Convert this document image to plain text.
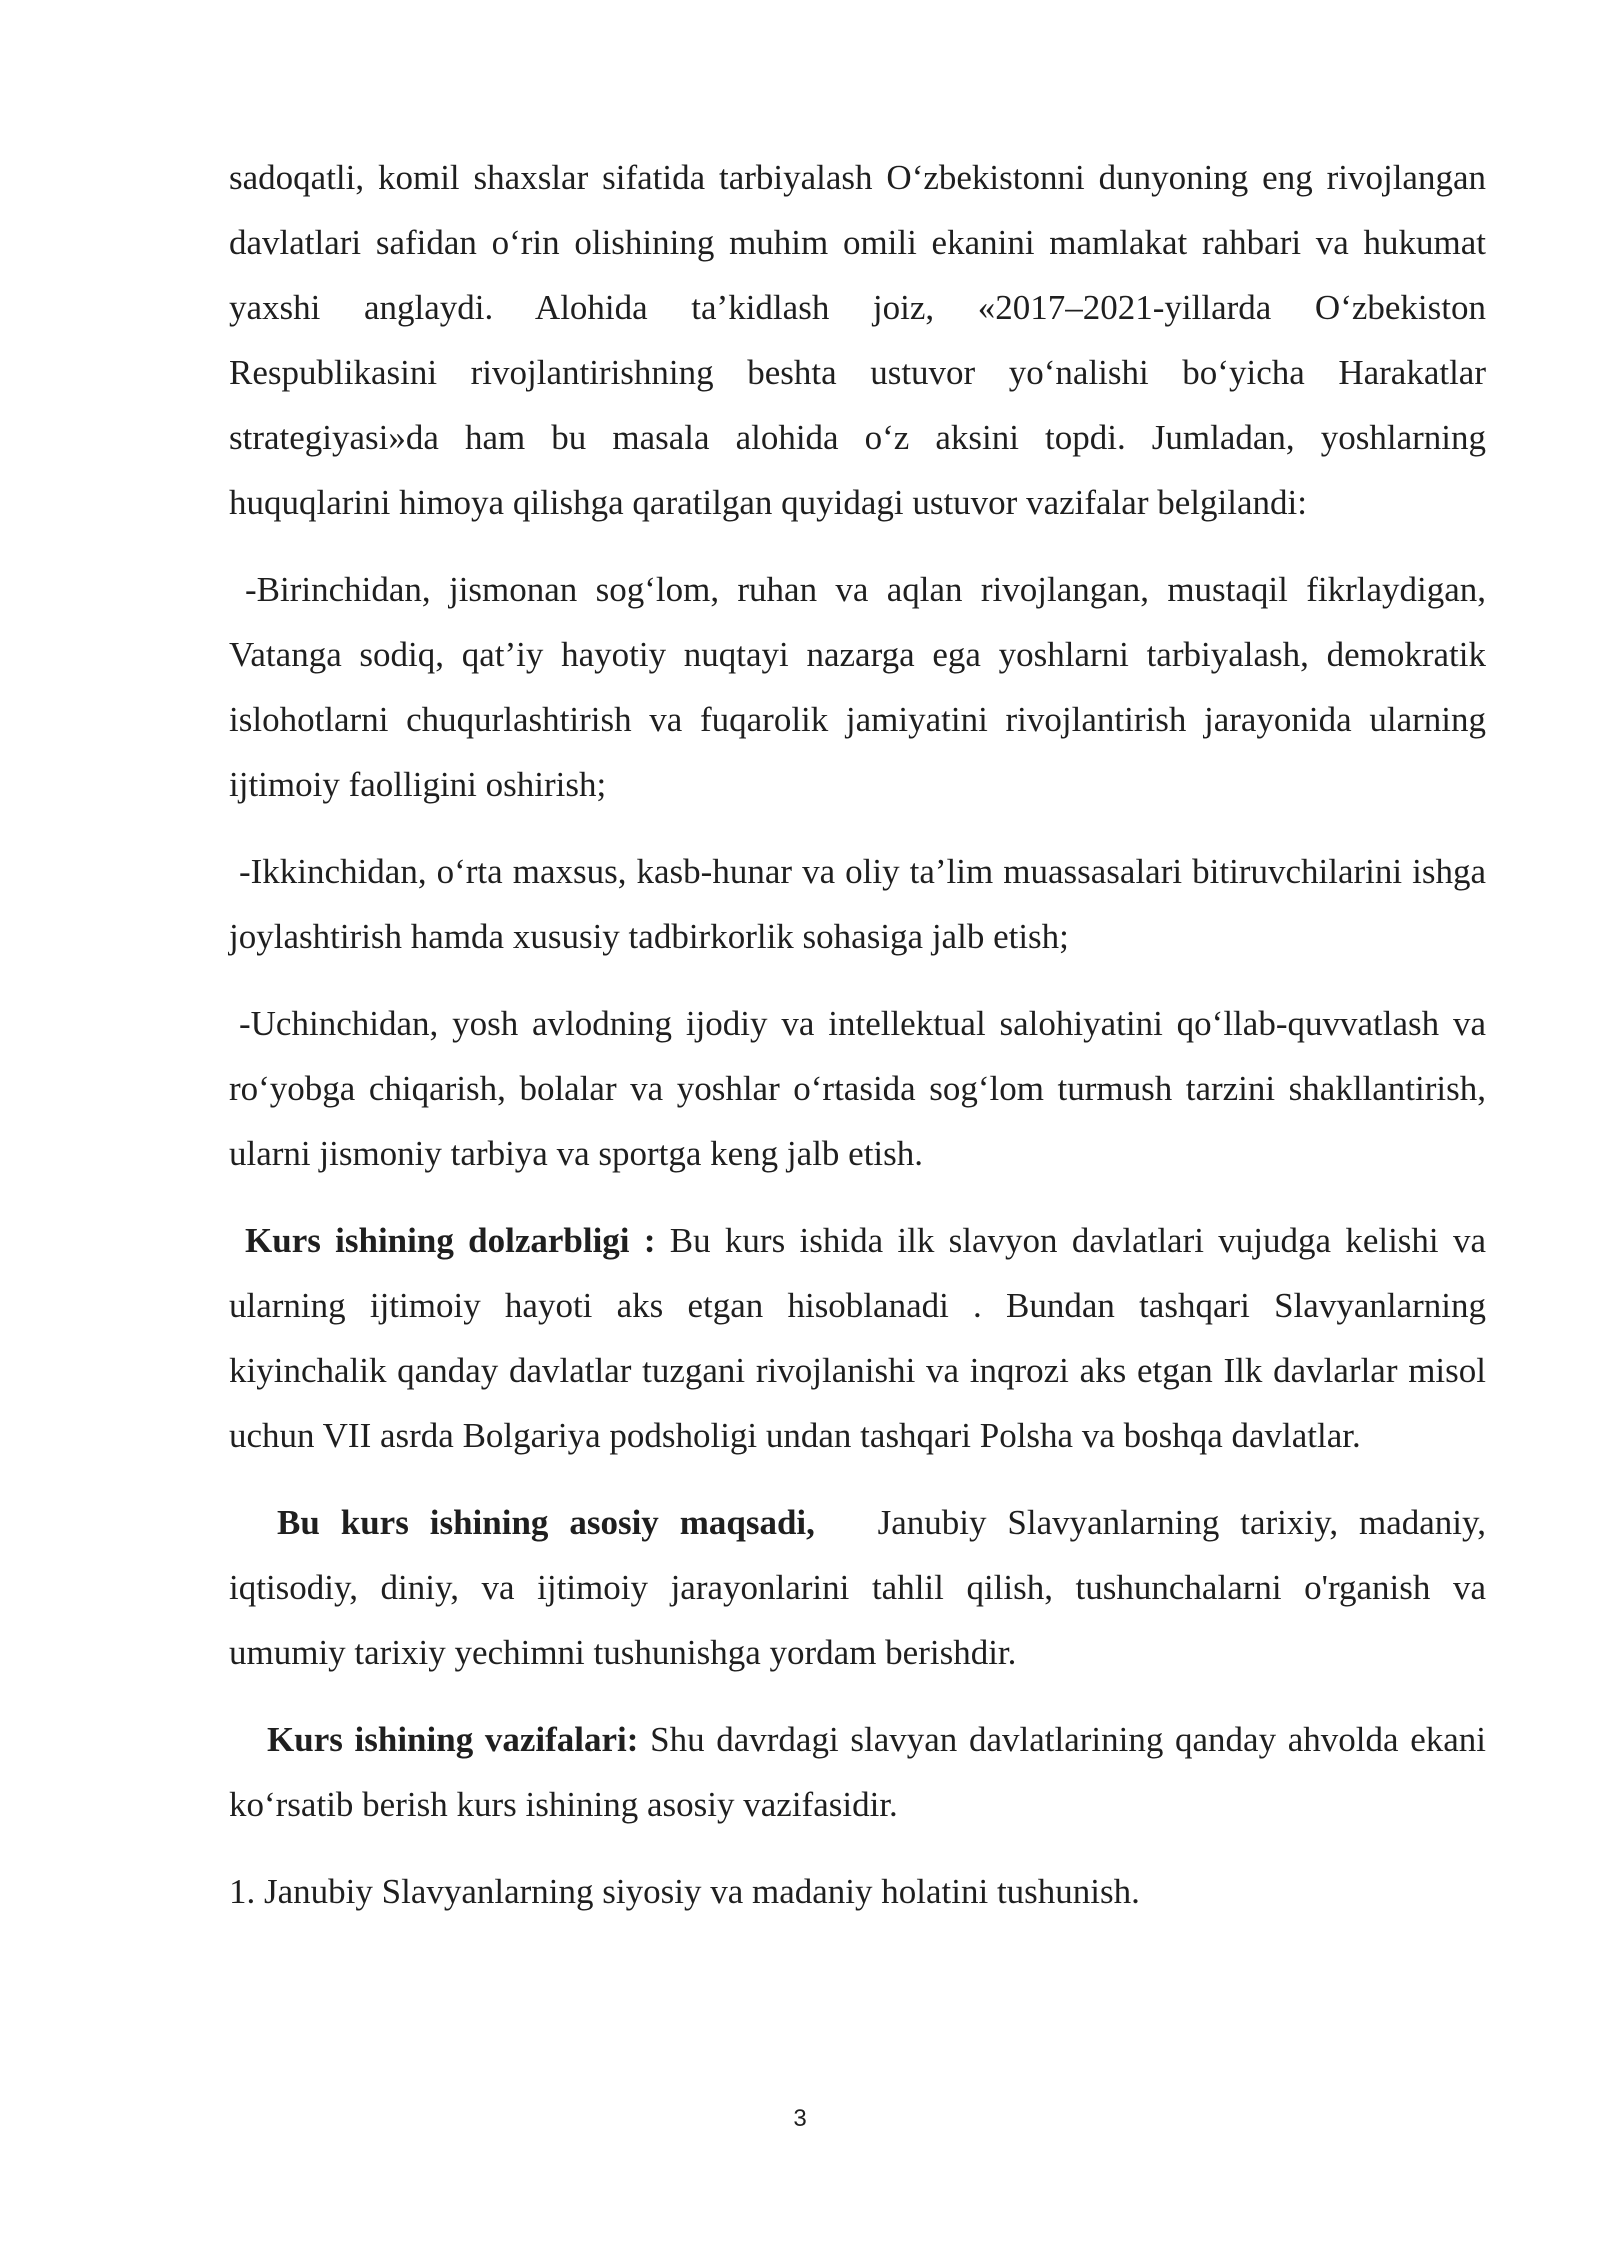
sadoqatli, komil shaxslar sifatida tarbiyalash O‘zbekistonni dunyoning eng rivojlangan davlatlari safidan o‘rin olishining muhim omili ekanini mamlakat rahbari va hukumat yaxshi anglaydi. Alohida ta’kidlash joiz, «2017–2021-yillarda O‘zbekiston Respublikasini rivojlantirishning beshta ustuvor yo‘nalishi bo‘yicha Harakatlar strategiyasi»da ham bu masala alohida o‘z aksini topdi. Jumladan, yoshlarning huquqlarini himoya qilishga qaratilgan quyidagi ustuvor vazifalar belgilandi:

-Birinchidan, jismonan sog‘lom, ruhan va aqlan rivojlangan, mustaqil fikrlaydigan, Vatanga sodiq, qat’iy hayotiy nuqtayi nazarga ega yoshlarni tarbiyalash, demokratik islohotlarni chuqurlashtirish va fuqarolik jamiyatini rivojlantirish jarayonida ularning ijtimoiy faolligini oshirish;

-Ikkinchidan, o‘rta maxsus, kasb-hunar va oliy ta’lim muassasalari bitiruvchilarini ishga joylashtirish hamda xususiy tadbirkorlik sohasiga jalb etish;

-Uchinchidan, yosh avlodning ijodiy va intellektual salohiyatini qo‘llab-quvvatlash va ro‘yobga chiqarish, bolalar va yoshlar o‘rtasida sog‘lom turmush tarzini shakllantirish, ularni jismoniy tarbiya va sportga keng jalb etish.

Kurs ishining dolzarbligi : Bu kurs ishida ilk slavyon davlatlari vujudga kelishi va ularning ijtimoiy hayoti aks etgan hisoblanadi . Bundan tashqari Slavyanlarning kiyinchalik qanday davlatlar tuzgani rivojlanishi va inqrozi aks etgan Ilk davlarlar misol uchun VII asrda Bolgariya podsholigi undan tashqari Polsha va boshqa davlatlar.

Bu kurs ishining asosiy maqsadi,   Janubiy Slavyanlarning tarixiy, madaniy, iqtisodiy, diniy, va ijtimoiy jarayonlarini tahlil qilish, tushunchalarni o'rganish va umumiy tarixiy yechimni tushunishga yordam berishdir.

Kurs ishining vazifalari: Shu davrdagi slavyan davlatlarining qanday ahvolda ekani ko‘rsatib berish kurs ishining asosiy vazifasidir.

1. Janubiy Slavyanlarning siyosiy va madaniy holatini tushunish.

3
